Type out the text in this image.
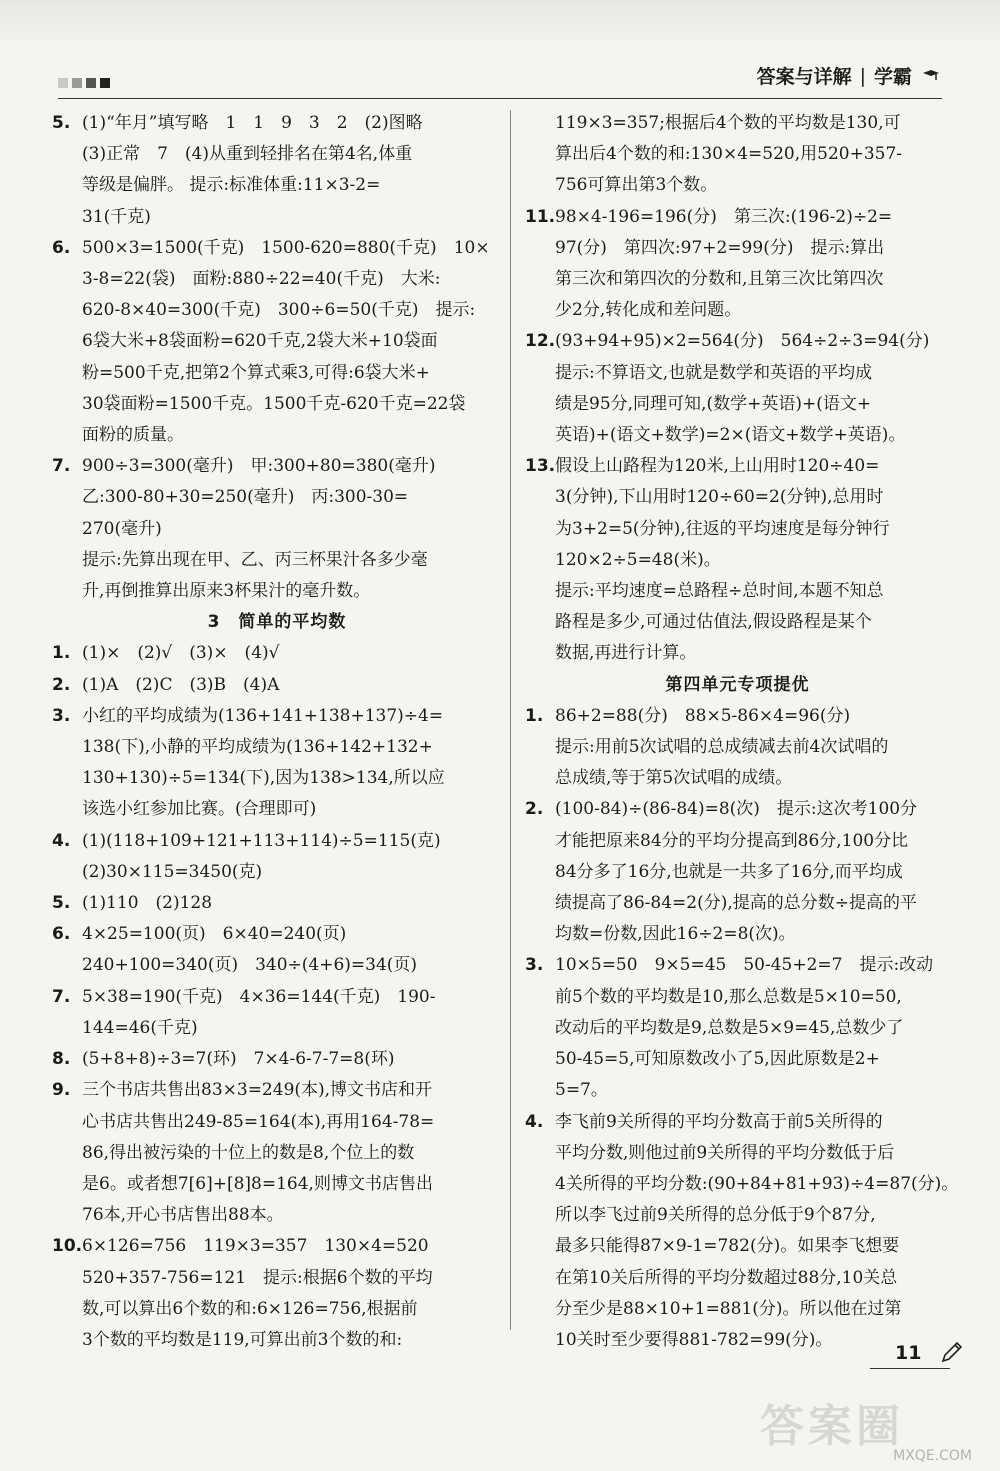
答案与详解 | 学霸
5. (1)“年月”填写略　1　1　9　3　2　(2)图略
(3)正常　7　(4)从重到轻排名在第4名,体重
等级是偏胖。 提示:标准体重:11×3-2=
31(千克)
6. 500×3=1500(千克)　1500-620=880(千克)　10×
3-8=22(袋)　面粉:880÷22=40(千克)　大米:
620-8×40=300(千克)　300÷6=50(千克)　提示:
6袋大米+8袋面粉=620千克,2袋大米+10袋面
粉=500千克,把第2个算式乘3,可得:6袋大米+
30袋面粉=1500千克。1500千克-620千克=22袋
面粉的质量。
7. 900÷3=300(毫升)　甲:300+80=380(毫升)
乙:300-80+30=250(毫升)　丙:300-30=
270(毫升)
提示:先算出现在甲、乙、丙三杯果汁各多少毫
升,再倒推算出原来3杯果汁的毫升数。
3　简单的平均数
1. (1)×　(2)√　(3)×　(4)√
2. (1)A　(2)C　(3)B　(4)A
3. 小红的平均成绩为(136+141+138+137)÷4=
138(下),小静的平均成绩为(136+142+132+
130+130)÷5=134(下),因为138>134,所以应
该选小红参加比赛。(合理即可)
4. (1)(118+109+121+113+114)÷5=115(克)
(2)30×115=3450(克)
5. (1)110　(2)128
6. 4×25=100(页)　6×40=240(页)
240+100=340(页)　340÷(4+6)=34(页)
7. 5×38=190(千克)　4×36=144(千克)　190-
144=46(千克)
8. (5+8+8)÷3=7(环)　7×4-6-7-7=8(环)
9. 三个书店共售出83×3=249(本),博文书店和开
心书店共售出249-85=164(本),再用164-78=
86,得出被污染的十位上的数是8,个位上的数
是6。或者想7[6]+[8]8=164,则博文书店售出
76本,开心书店售出88本。
10. 6×126=756　119×3=357　130×4=520
520+357-756=121　提示:根据6个数的平均
数,可以算出6个数的和:6×126=756,根据前
3个数的平均数是119,可算出前3个数的和:
119×3=357;根据后4个数的平均数是130,可
算出后4个数的和:130×4=520,用520+357-
756可算出第3个数。
11. 98×4-196=196(分)　第三次:(196-2)÷2=
97(分)　第四次:97+2=99(分)　提示:算出
第三次和第四次的分数和,且第三次比第四次
少2分,转化成和差问题。
12. (93+94+95)×2=564(分)　564÷2÷3=94(分)
提示:不算语文,也就是数学和英语的平均成
绩是95分,同理可知,(数学+英语)+(语文+
英语)+(语文+数学)=2×(语文+数学+英语)。
13. 假设上山路程为120米,上山用时120÷40=
3(分钟),下山用时120÷60=2(分钟),总用时
为3+2=5(分钟),往返的平均速度是每分钟行
120×2÷5=48(米)。
提示:平均速度=总路程÷总时间,本题不知总
路程是多少,可通过估值法,假设路程是某个
数据,再进行计算。
第四单元专项提优
1. 86+2=88(分)　88×5-86×4=96(分)
提示:用前5次试唱的总成绩减去前4次试唱的
总成绩,等于第5次试唱的成绩。
2. (100-84)÷(86-84)=8(次)　提示:这次考100分
才能把原来84分的平均分提高到86分,100分比
84分多了16分,也就是一共多了16分,而平均成
绩提高了86-84=2(分),提高的总分数÷提高的平
均数=份数,因此16÷2=8(次)。
3. 10×5=50　9×5=45　50-45+2=7　提示:改动
前5个数的平均数是10,那么总数是5×10=50,
改动后的平均数是9,总数是5×9=45,总数少了
50-45=5,可知原数改小了5,因此原数是2+
5=7。
4. 李飞前9关所得的平均分数高于前5关所得的
平均分数,则他过前9关所得的平均分数低于后
4关所得的平均分数:(90+84+81+93)÷4=87(分)。
所以李飞过前9关所得的总分低于9个87分,
最多只能得87×9-1=782(分)。如果李飞想要
在第10关后所得的平均分数超过88分,10关总
分至少是88×10+1=881(分)。所以他在过第
10关时至少要得881-782=99(分)。
11
答案圈
MXQE.COM
